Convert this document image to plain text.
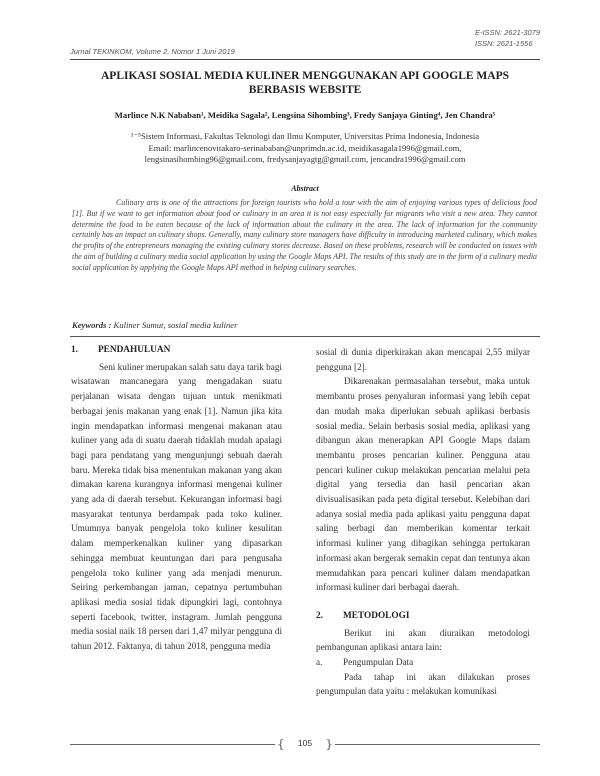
E-ISSN: 2621-3079
ISSN: 2621-1556
Jurnal TEKINKOM, Volume 2, Nomor 1 Juni 2019
APLIKASI SOSIAL MEDIA KULINER MENGGUNAKAN API GOOGLE MAPS
BERBASIS WEBSITE
Marlince N.K Nababan¹, Meidika Sagala², Lengsina Sihombing³, Fredy Sanjaya Ginting⁴, Jen Chandra⁵
¹⁻⁵Sistem Informasi, Fakultas Teknologi dan Ilmu Komputer, Universitas Prima Indonesia, Indonesia
Email: marlincenovitakaro-serinababan@unprimdn.ac.id, meidikasagala1996@gmail.com,
lengsinasihombing96@gmail.com, fredysanjayagtg@gmail.com, jencandra1996@gmail.com
Abstract
Culinary arts is one of the attractions for foreign tourists who hold a tour with the aim of enjoying various types of delicious food [1]. But if we want to get information about food or culinary in an area it is not easy especially for migrants who visit a new area. They cannot determine the food to be eaten because of the lack of information about the culinary in the area. The lack of information for the community certainly has an impact on culinary shops. Generally, many culinary store managers have difficulty in introducing marketed culinary, which makes the profits of the entrepreneurs managing the existing culinary stores decrease. Based on these problems, research will be conducted on issues with the aim of building a culinary media social application by using the Google Maps API. The results of this study are in the form of a culinary media social application by applying the Google Maps API method in helping culinary searches.
Keywords : Kuliner Sumut, sosial media kuliner
1.	PENDAHULUAN

Seni kuliner merupakan salah satu daya tarik bagi wisatawan mancanegara yang mengadakan suatu perjalanan wisata dengan tujuan untuk menikmati berbagai jenis makanan yang enak [1]. Namun jika kita ingin mendapatkan informasi mengenai makanan atau kuliner yang ada di suatu daerah tidaklah mudah apalagi bagi para pendatang yang mengunjungi sebuah daerah baru. Mereka tidak bisa menentukan makanan yang akan dimakan karena kurangnya informasi mengenai kuliner yang ada di daerah tersebut. Kekurangan informasi bagi masyarakat tentunya berdampak pada toko kuliner. Umumnya banyak pengelola toko kuliner kesulitan dalam memperkenalkan kuliner yang dipasarkan sehingga membuat keuntungan dari para pengusaha pengelola toko kuliner yang ada menjadi menurun. Seiring perkembangan jaman, cepatnya pertumbuhan aplikasi media sosial tidak dipungkiri lagi, contohnya seperti facebook, twitter, instagram. Jumlah pengguna media sosial naik 18 persen dari 1,47 milyar pengguna di tahun 2012. Faktanya, di tahun 2018, pengguna media

sosial di dunia diperkirakan akan mencapai 2,55 milyar pengguna [2].

Dikarenakan permasalahan tersebut, maka untuk membantu proses penyaluran informasi yang lebih cepat dan mudah maka diperlukan sebuah aplikasi berbasis sosial media. Selain berbasis sosial media, aplikasi yang dibangun akan menerapkan API Google Maps dalam membantu proses pencarian kuliner. Pengguna atau pencari kuliner cukup melakukan pencarian melalui peta digital yang tersedia dan hasil pencarian akan divisualisasikan pada peta digital tersebut. Kelebihan dari adanya sosial media pada aplikasi yaitu pengguna dapat saling berbagi dan memberikan komentar terkait informasi kuliner yang dibagikan sehingga pertukaran informasi akan bergerak semakin cepat dan tentunya akan memudahkan para pencari kuliner dalam mendapatkan informasi kuliner dari berbagai daerah.

2.	METODOLOGI

Berikut ini akan diuraikan metodologi pembangunan aplikasi antara lain:

a.	Pengumpulan Data

Pada tahap ini akan dilakukan proses pengumpulan data yaitu : melakukan komunikasi

{ 105 }
